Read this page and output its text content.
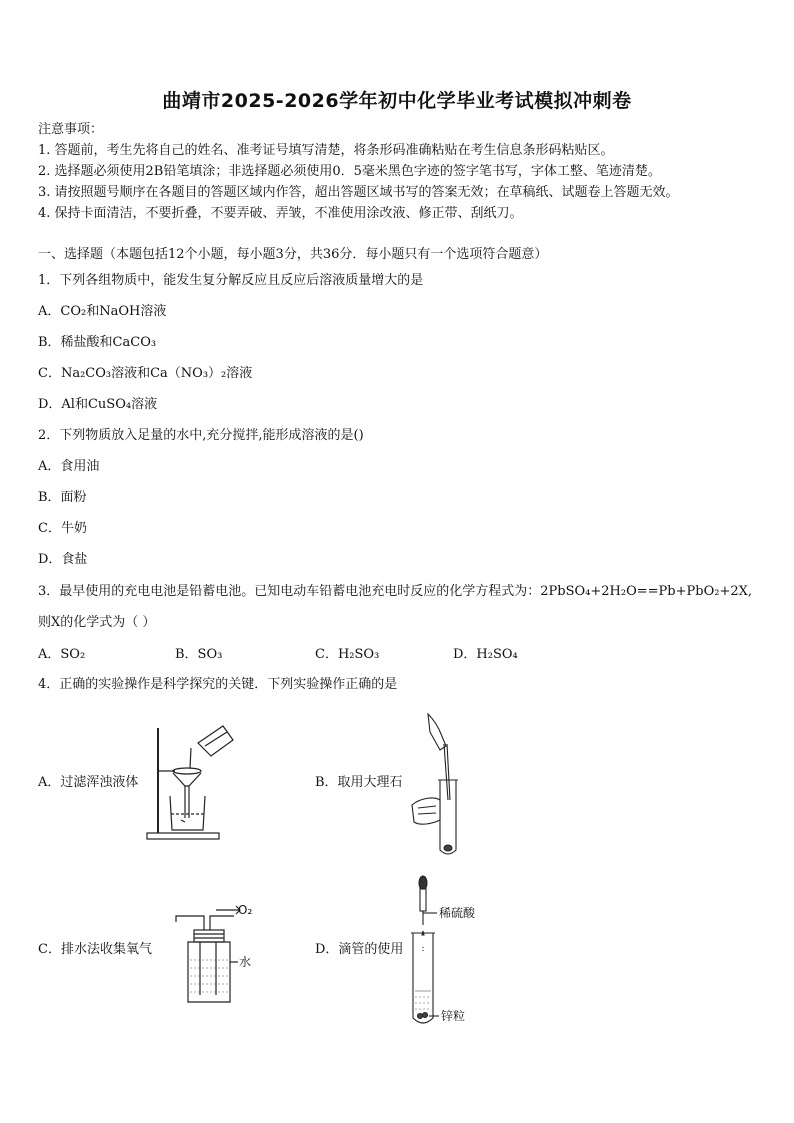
曲靖市2025-2026学年初中化学毕业考试模拟冲刺卷
注意事项：
1. 答题前，考生先将自己的姓名、准考证号填写清楚，将条形码准确粘贴在考生信息条形码粘贴区。
2. 选择题必须使用2B铅笔填涂；非选择题必须使用0．5毫米黑色字迹的签字笔书写，字体工整、笔迹清楚。
3. 请按照题号顺序在各题目的答题区域内作答，超出答题区域书写的答案无效；在草稿纸、试题卷上答题无效。
4. 保持卡面清洁，不要折叠，不要弄破、弄皱，不准使用涂改液、修正带、刮纸刀。
一、选择题（本题包括12个小题，每小题3分，共36分．每小题只有一个选项符合题意）
1．下列各组物质中，能发生复分解反应且反应后溶液质量增大的是
A．CO₂和NaOH溶液
B．稀盐酸和CaCO₃
C．Na₂CO₃溶液和Ca（NO₃）₂溶液
D．Al和CuSO₄溶液
2．下列物质放入足量的水中,充分搅拌,能形成溶液的是()
A．食用油
B．面粉
C．牛奶
D．食盐
3．最早使用的充电电池是铅蓄电池。已知电动车铅蓄电池充电时反应的化学方程式为：2PbSO₄+2H₂O==Pb+PbO₂+2X,
则X的化学式为（ ）
A．SO₂	B．SO₃	C．H₂SO₃	D．H₂SO₄
4．正确的实验操作是科学探究的关键．下列实验操作正确的是
A．过滤浑浊液体	B．取用大理石
C．排水法收集氧气	D．滴管的使用
O₂
水
稀硫酸
锌粒
